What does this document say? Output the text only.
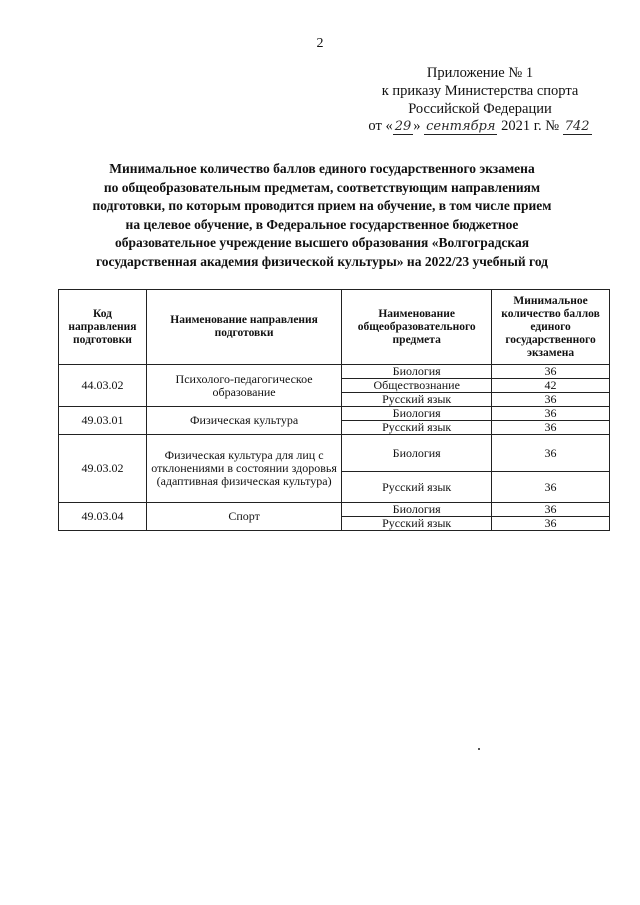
2
Приложение № 1
к приказу Министерства спорта
Российской Федерации
от « 29 » сентября 2021 г. № 742
Минимальное количество баллов единого государственного экзамена
по общеобразовательным предметам, соответствующим направлениям
подготовки, по которым проводится прием на обучение, в том числе прием
на целевое обучение, в Федеральное государственное бюджетное
образовательное учреждение высшего образования «Волгоградская
государственная академия физической культуры» на 2022/23 учебный год
Код направления подготовки	Наименование направления подготовки	Наименование общеобразовательного предмета	Минимальное количество баллов единого государственного экзамена
44.03.02	Психолого-педагогическое образование	Биология	36
		Обществознание	42
		Русский язык	36
49.03.01	Физическая культура	Биология	36
		Русский язык	36
49.03.02	Физическая культура для лиц с отклонениями в состоянии здоровья (адаптивная физическая культура)	Биология	36
		Русский язык	36
49.03.04	Спорт	Биология	36
		Русский язык	36
